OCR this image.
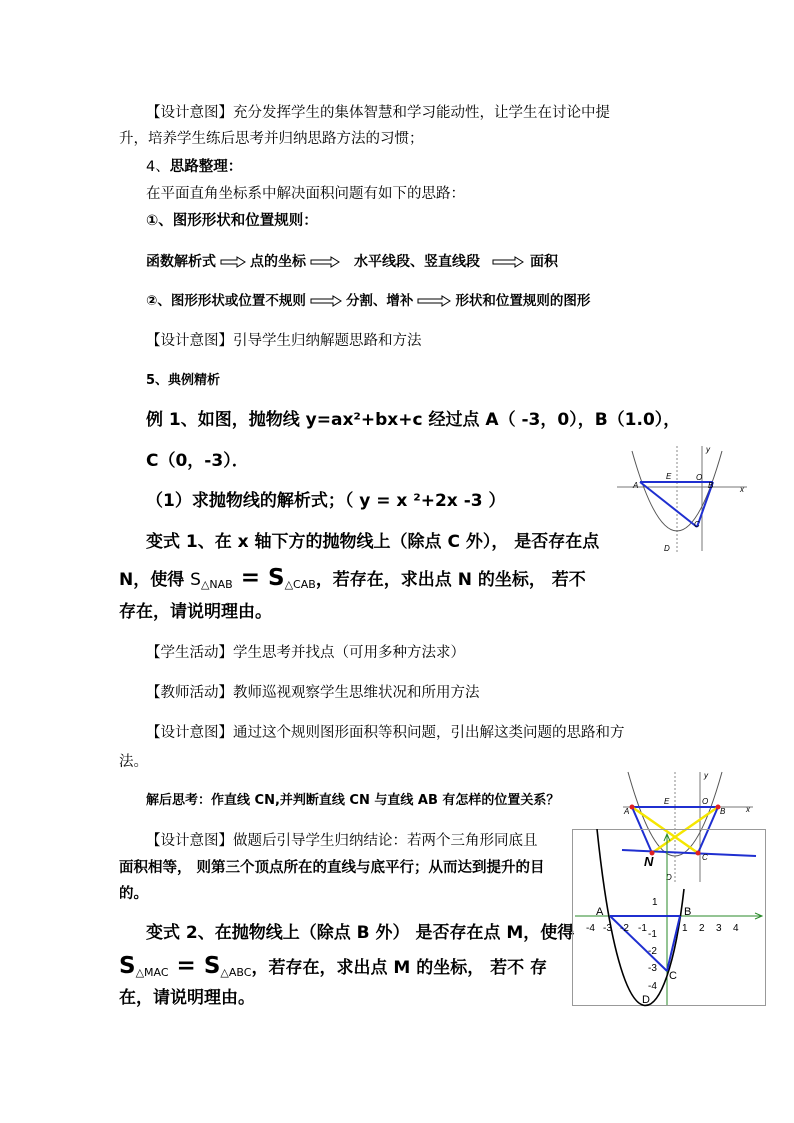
【设计意图】充分发挥学生的集体智慧和学习能动性，让学生在讨论中提
升，培养学生练后思考并归纳思路方法的习惯；
4、思路整理：
在平面直角坐标系中解决面积问题有如下的思路：
①、图形形状和位置规则：
函数解析式 点的坐标	水平线段、竖直线段	面积
②、图形形状或位置不规则	分割、增补	形状和位置规则的图形
【设计意图】引导学生归纳解题思路和方法
5、典例精析
例 1、如图，抛物线 y=ax²+bx+c 经过点 A（ -3，0），B（1.0），
C（0，-3）．
（1）求抛物线的解析式；（ y = x ²+2x -3 ）
变式 1、在 x 轴下方的抛物线上（除点 C 外）， 是否存在点
N，使得 $S_{\triangle NAB} = S_{\triangle CAB}$，若存在，求出点 N 的坐标， 若不
存在，请说明理由。
【学生活动】学生思考并找点（可用多种方法求）
【教师活动】教师巡视观察学生思维状况和所用方法
【设计意图】通过这个规则图形面积等积问题，引出解这类问题的思路和方
法。
解后思考：作直线 CN,并判断直线 CN 与直线 AB 有怎样的位置关系？
【设计意图】做题后引导学生归纳结论：若两个三角形同底且
面积相等， 则第三个顶点所在的直线与底平行；从而达到提升的目
的。
变式 2、在抛物线上（除点 B 外） 是否存在点 M，使得
$S_{\triangle MAC} = S_{\triangle ABC}$，若存在，求出点 M 的坐标， 若不 存
在，请说明理由。
A
E	O
B
C
D
x
y
A
E	O
B
C
D
N
x
y
A	B
C
D
-4 -3 -2 -1	1 2 3 4
1
-1
-2
-3
-4
